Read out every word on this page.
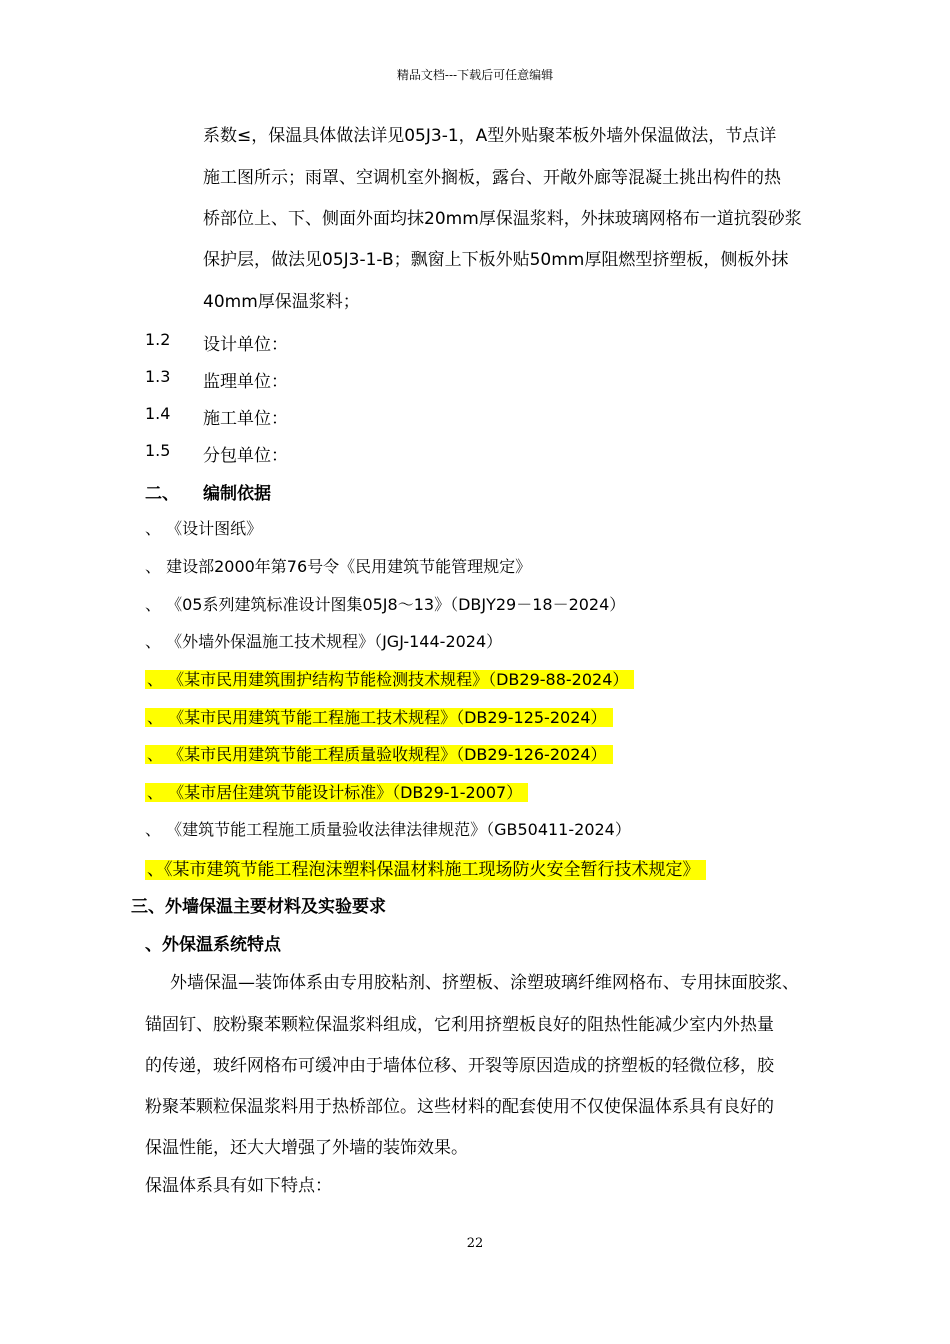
精品文档---下载后可任意编辑
系数≤，保温具体做法详见05J3-1，A型外贴聚苯板外墙外保温做法，节点详
施工图所示；雨罩、空调机室外搁板，露台、开敞外廊等混凝土挑出构件的热
桥部位上、下、侧面外面均抹20mm厚保温浆料，外抹玻璃网格布一道抗裂砂浆
保护层，做法见05J3-1-B；飘窗上下板外贴50mm厚阻燃型挤塑板，侧板外抹
40mm厚保温浆料；
1.2 设计单位：
1.3 监理单位：
1.4 施工单位：
1.5 分包单位：
二、 编制依据
、 《设计图纸》
、 建设部2000年第76号令《民用建筑节能管理规定》
、 《05系列建筑标准设计图集05J8～13》（DBJY29－18－2024）
、 《外墙外保温施工技术规程》（JGJ-144-2024）
、 《某市民用建筑围护结构节能检测技术规程》（DB29-88-2024）
、 《某市民用建筑节能工程施工技术规程》（DB29-125-2024）
、 《某市民用建筑节能工程质量验收规程》（DB29-126-2024）
、 《某市居住建筑节能设计标准》（DB29-1-2007）
、 《建筑节能工程施工质量验收法律法律规范》（GB50411-2024）
、《某市建筑节能工程泡沫塑料保温材料施工现场防火安全暂行技术规定》
三、外墙保温主要材料及实验要求
、外保温系统特点
外墙保温—装饰体系由专用胶粘剂、挤塑板、涂塑玻璃纤维网格布、专用抹面胶浆、
锚固钉、胶粉聚苯颗粒保温浆料组成，它利用挤塑板良好的阻热性能减少室内外热量
的传递，玻纤网格布可缓冲由于墙体位移、开裂等原因造成的挤塑板的轻微位移，胶
粉聚苯颗粒保温浆料用于热桥部位。这些材料的配套使用不仅使保温体系具有良好的
保温性能，还大大增强了外墙的装饰效果。
保温体系具有如下特点：
22
